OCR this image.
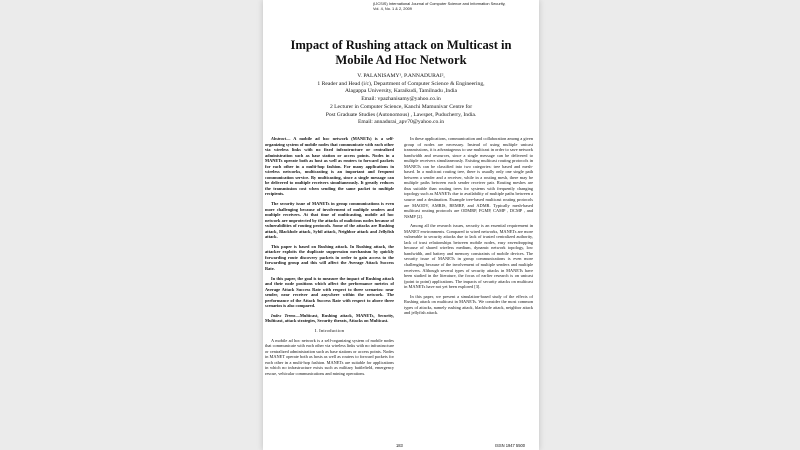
(IJCSIS) International Journal of Computer Science and Information Security,
Vol. 4, No. 1 & 2, 2009
Impact of Rushing attack on Multicast in
Mobile Ad Hoc Network
V. PALANISAMY¹, P.ANNADURAI²,
1 Reader and Head (i/c), Department of Computer Science & Engineering,
Alagappa University, Karaikudi, Tamilnadu ,India
Email: vpazhanisamy@yahoo.co.in
2 Lecturer in Computer Science, Kanchi Mamunivar Centre for
Post Graduate Studies (Autonomous) , Lawspet, Puducherry, India.
Email: annadurai_apv70@yahoo.co.in

Abstract— A mobile ad hoc network (MANETs) is a self-organizing system of mobile nodes that communicate with each other via wireless links with no fixed infrastructure or centralized administration such as base station or access points. Nodes in a MANETs operate both as host as well as routers to forward packets for each other in a multi-hop fashion. For many applications in wireless networks, multicasting is an important and frequent communication service. By multicasting, since a single message can be delivered to multiple receivers simultaneously. It greatly reduces the transmission cost when sending the same packet to multiple recipients.

The security issue of MANETs in group communications is even more challenging because of involvement of multiple senders and multiple receivers. At that time of multicasting, mobile ad hoc network are unprotected by the attacks of malicious nodes because of vulnerabilities of routing protocols. Some of the attacks are Rushing attack, Blackhole attack, Sybil attack, Neighbor attack and Jellyfish attack.

This paper is based on Rushing attack. In Rushing attack, the attacker exploits the duplicate suppression mechanism by quickly forwarding route discovery packets in order to gain access to the forwarding group and this will affect the Average Attack Success Rate.

In this paper, the goal is to measure the impact of Rushing attack and their node positions which affect the performance metrics of Average Attack Success Rate with respect to three scenarios: near sender, near receiver and anywhere within the network. The performance of the Attack Success Rate with respect to above three scenarios is also compared.

Index Terms—Multicast, Rushing attack, MANETs, Security, Multicast, attack strategies, Security threats, Attacks on Multicast.

I. Introduction

A mobile ad hoc network is a self-organizing system of mobile nodes that communicate with each other via wireless links with no infrastructure or centralized administration such as base stations or access points. Nodes in MANET operate both as hosts as well as routers to forward packets for each other in a multi-hop fashion. MANETs are suitable for applications in which no infrastructure exists such as military battlefield, emergency rescue, vehicular communications and mining operations.

In these applications, communication and collaboration among a given group of nodes are necessary. Instead of using multiple unicast transmissions, it is advantageous to use multicast in order to save network bandwidth and resources, since a single message can be delivered to multiple receivers simultaneously. Existing multicast routing protocols in MANETs can be classified into two categories: tree based and mesh-based. In a multicast routing tree, there is usually only one single path between a sender and a receiver, while in a routing mesh, there may be multiple paths between each sender receiver pair. Routing meshes are thus suitable than routing trees for systems with frequently changing topology such as MANETs due to availability of multiple paths between a source and a destination. Example tree-based multicast routing protocols are MAODV, AMRIS, BEMRP, and ADMR. Typically mesh-based multicast routing protocols are ODMRP, FGMP, CAMP , DCMP , and NSMP [2].

Among all the research issues, security is an essential requirement in MANET environments. Compared to wired networks, MANETs are more vulnerable to security attacks due to lack of trusted centralized authority, lack of trust relationships between mobile nodes, easy eavesdropping because of shared wireless medium, dynamic network topology, low bandwidth, and battery and memory constraints of mobile devices. The security issue of MANETs in group communications is even more challenging because of the involvement of multiple senders and multiple receivers. Although several types of security attacks in MANETs have been studied in the literature, the focus of earlier research is on unicast (point to point) applications. The impacts of security attacks on multicast in MANETs have not yet been explored [3].

In this paper, we present a simulation-based study of the effects of Rushing attack on multicast in MANETs. We consider the most common types of attacks, namely rushing attack, blackhole attack, neighbor attack and jellyfish attack.

183	ISSN 1947 5500
